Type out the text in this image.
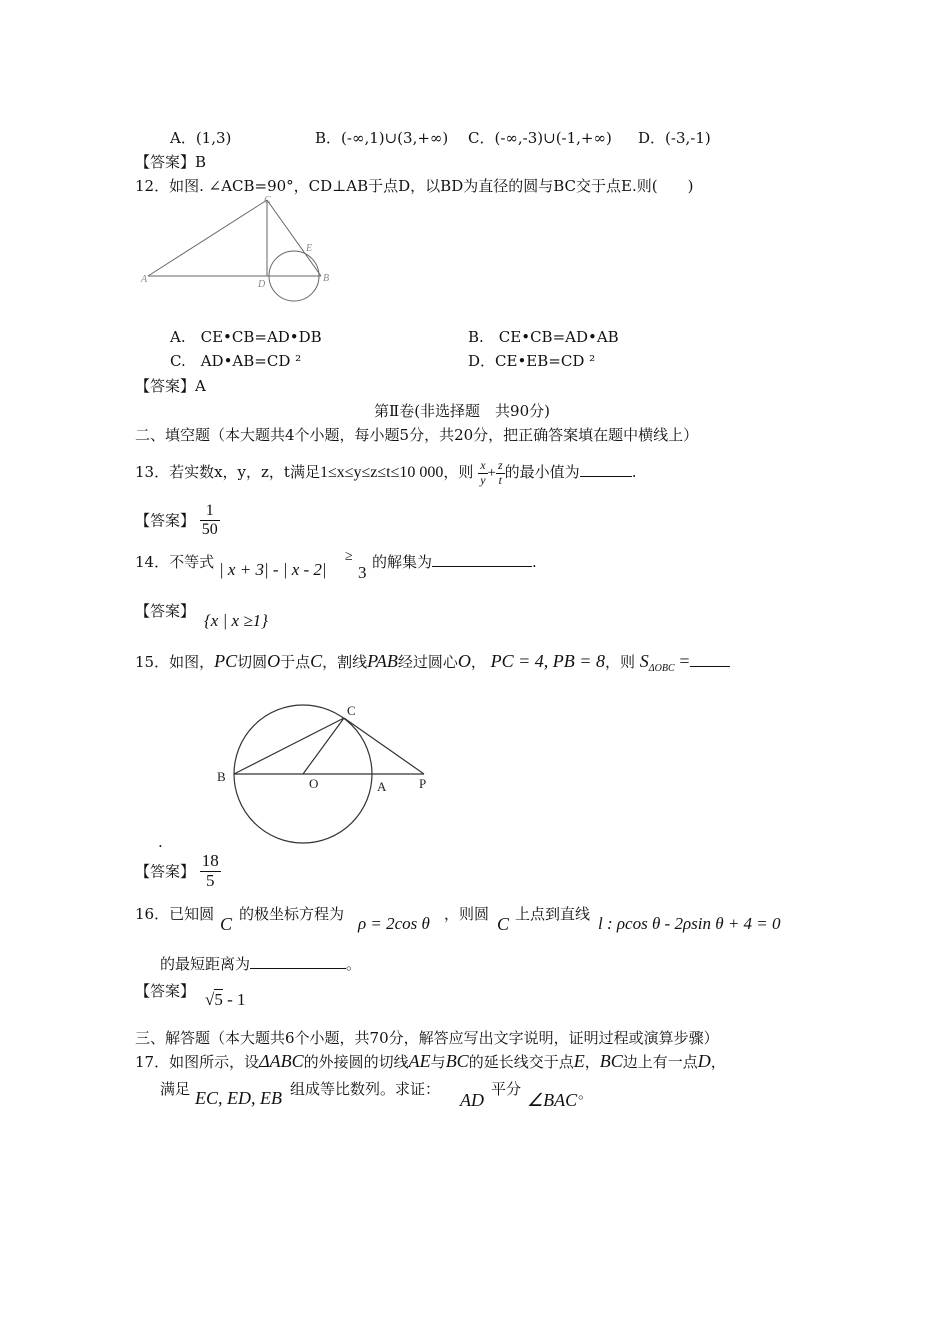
A．(1,3)	B．(-∞,1)∪(3,+∞) C．(-∞,-3)∪(-1,+∞) D．(-3,-1)
【答案】B
12．如图. ∠ACB=90°，CD⊥AB于点D，以BD为直径的圆与BC交于点E.则(　　)
A
C
D
B
E
A.　CE•CB=AD•DB	B.　CE•CB=AD•AB
C.　AD•AB=CD ²	D．CE•EB=CD ²
【答案】A
第Ⅱ卷(非选择题　共90分)
二、填空题（本大题共4个小题，每小题5分，共20分，把正确答案填在题中横线上）
13．若实数x，y，z，t满足1≤x≤y≤z≤t≤10 000，则 $\frac{x}{y} + \frac{z}{t}$ 的最小值为	.
【答案】 $\frac{1}{50}$
14．不等式 | x + 3| - | x - 2|
≥
3
的解集为	.
【答案】 {x | x ≥1}
15．如图，PC切圆O于点C，割线PAB经过圆心O， PC = 4, PB = 8，则 $S_{\Delta OBC}$ =
B	O	A	P
C
.
【答案】 $\frac{18}{5}$
16．已知圆 C 的极坐标方程为 ρ = 2cos θ ，则圆 C 上点到直线 l : ρcos θ - 2ρsin θ + 4 = 0
的最短距离为	。
【答案】 √5 - 1
三、解答题（本大题共6个小题，共70分，解答应写出文字说明，证明过程或演算步骤）
17．如图所示，设ΔABC的外接圆的切线AE与BC的延长线交于点E，BC边上有一点D，
满足 EC, ED, EB 组成等比数列。求证：
AD
平分
∠BAC 。
